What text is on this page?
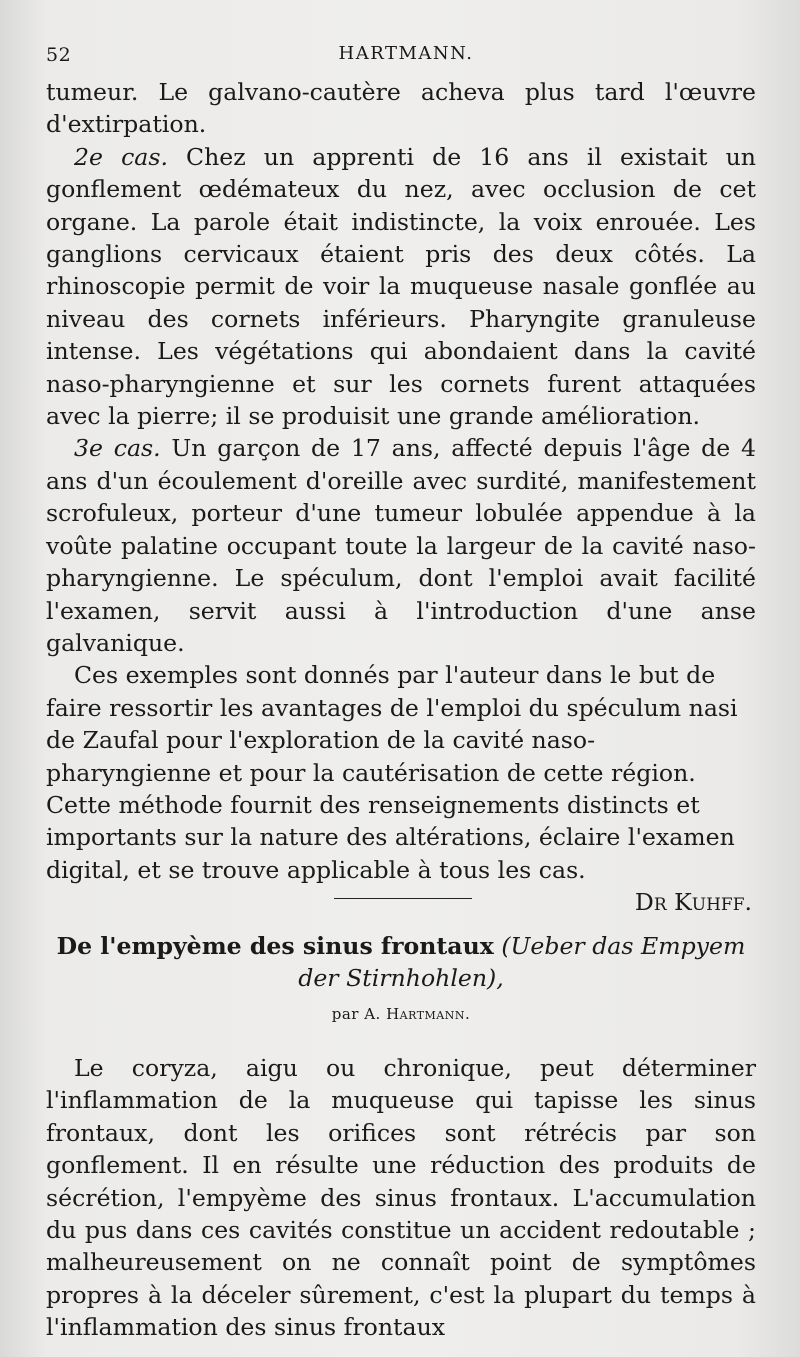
52	HARTMANN.

tumeur. Le galvano-cautère acheva plus tard l'œuvre d'extirpation.

2e cas. Chez un apprenti de 16 ans il existait un gonflement œdémateux du nez, avec occlusion de cet organe. La parole était indistincte, la voix enrouée. Les ganglions cervicaux étaient pris des deux côtés. La rhinoscopie permit de voir la muqueuse nasale gonflée au niveau des cornets inférieurs. Pharyngite granuleuse intense. Les végétations qui abondaient dans la cavité naso-pharyngienne et sur les cornets furent attaquées avec la pierre; il se produisit une grande amélioration.

3e cas. Un garçon de 17 ans, affecté depuis l'âge de 4 ans d'un écoulement d'oreille avec surdité, manifestement scrofuleux, porteur d'une tumeur lobulée appendue à la voûte palatine occupant toute la largeur de la cavité naso-pharyngienne. Le spéculum, dont l'emploi avait facilité l'examen, servit aussi à l'introduction d'une anse galvanique.

Ces exemples sont donnés par l'auteur dans le but de faire ressortir les avantages de l'emploi du spéculum nasi de Zaufal pour l'exploration de la cavité naso-pharyngienne et pour la cautérisation de cette région. Cette méthode fournit des renseignements distincts et importants sur la nature des altérations, éclaire l'examen digital, et se trouve applicable à tous les cas.

Dr Kuhff.

De l'empyème des sinus frontaux (Ueber das Empyem der Stirnhohlen),

par A. Hartmann.

Le coryza, aigu ou chronique, peut déterminer l'inflammation de la muqueuse qui tapisse les sinus frontaux, dont les orifices sont rétrécis par son gonflement. Il en résulte une réduction des produits de sécrétion, l'empyème des sinus frontaux. L'accumulation du pus dans ces cavités constitue un accident redoutable ; malheureusement on ne connaît point de symptômes propres à la déceler sûrement, c'est la plupart du temps à l'inflammation des sinus frontaux
